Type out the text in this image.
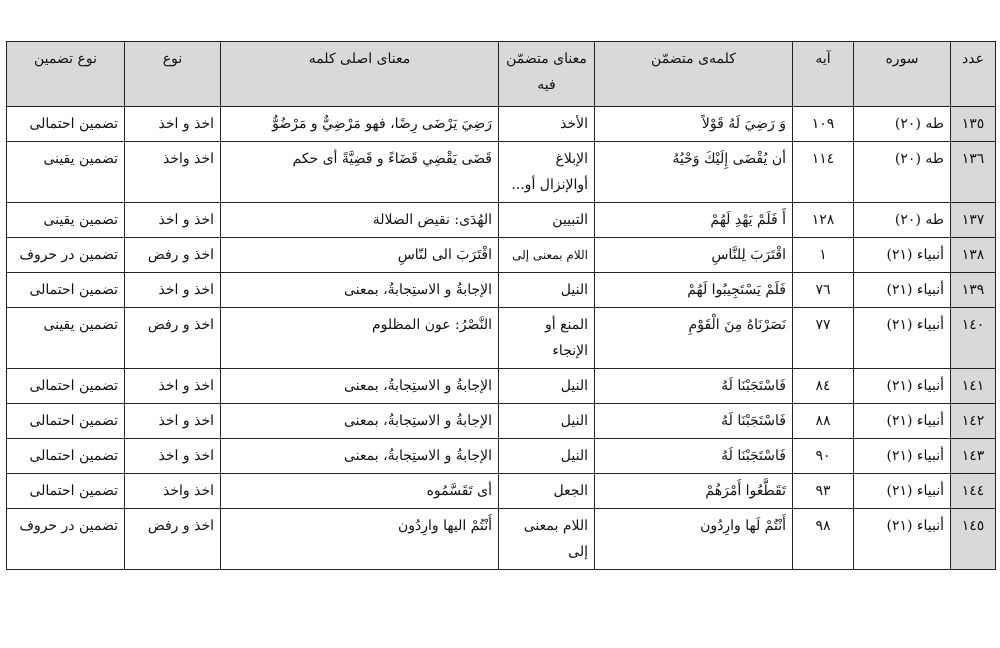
عدد	سوره	آيه	کلمه‌ی متضمّن	معنای متضمّن فيه	معنای اصلی کلمه	نوع	نوع تضمين
١٣٥	طه (٢٠)	١٠٩	وَ رَضِيَ لَهُ قَوْلاً	الأخذ	رَضِيَ يَرْضَى رِضًا، فهو مَرْضِيٌّ و مَرْضُوٌّ	اخذ و اخذ	تضمين احتمالی
١٣٦	طه (٢٠)	١١٤	أن يُقْضَى إِلَيْكَ وَحْيُهُ	الإبلاغ أوالإنزال أو...	قَضَى يَقْضِي قَضَاءً و قَضِيَّةً أی حکم	اخذ واخذ	تضمين يقينی
١٣٧	طه (٢٠)	١٢٨	أَ فَلَمْ يَهْدِ لَهُمْ	التبيين	الهُدَى: نقيض الضلالة	اخذ و اخذ	تضمين يقينی
١٣٨	أنبياء (٢١)	١	اقْتَرَبَ لِلنَّاسِ	اللام بمعنی إلی	اقْتَرَبَ الی لنّاسِ	اخذ و رفض	تضمين در حروف
١٣٩	أنبياء (٢١)	٧٦	فَلَمْ يَسْتَجِيبُوا لَهُمْ	النيل	الإجابةُ و الاستِجابةُ، بمعنی	اخذ و اخذ	تضمين احتمالی
١٤٠	أنبياء (٢١)	٧٧	نَصَرْنَاهُ مِنَ الْقَوْمِ	المنع أو الإنجاء	النَّصْرُ: عون المظلوم	اخذ و رفض	تضمين يقينی
١٤١	أنبياء (٢١)	٨٤	فَاسْتَجَبْنَا لَهُ	النيل	الإجابةُ و الاستِجابةُ، بمعنی	اخذ و اخذ	تضمين احتمالی
١٤٢	أنبياء (٢١)	٨٨	فَاسْتَجَبْنَا لَهُ	النيل	الإجابةُ و الاستِجابةُ، بمعنی	اخذ و اخذ	تضمين احتمالی
١٤٣	أنبياء (٢١)	٩٠	فَاسْتَجَبْنَا لَهُ	النيل	الإجابةُ و الاستِجابةُ، بمعنی	اخذ و اخذ	تضمين احتمالی
١٤٤	أنبياء (٢١)	٩٣	تَقَطَّعُوا أَمْرَهُمْ	الجعل	أی تَقَسَّمُوه	اخذ واخذ	تضمين احتمالی
١٤٥	أنبياء (٢١)	٩٨	أَنْتُمْ لَها وارِدُون	اللام بمعنی إلی	أَنْتُمْ اليها وارِدُون	اخذ و رفض	تضمين در حروف
